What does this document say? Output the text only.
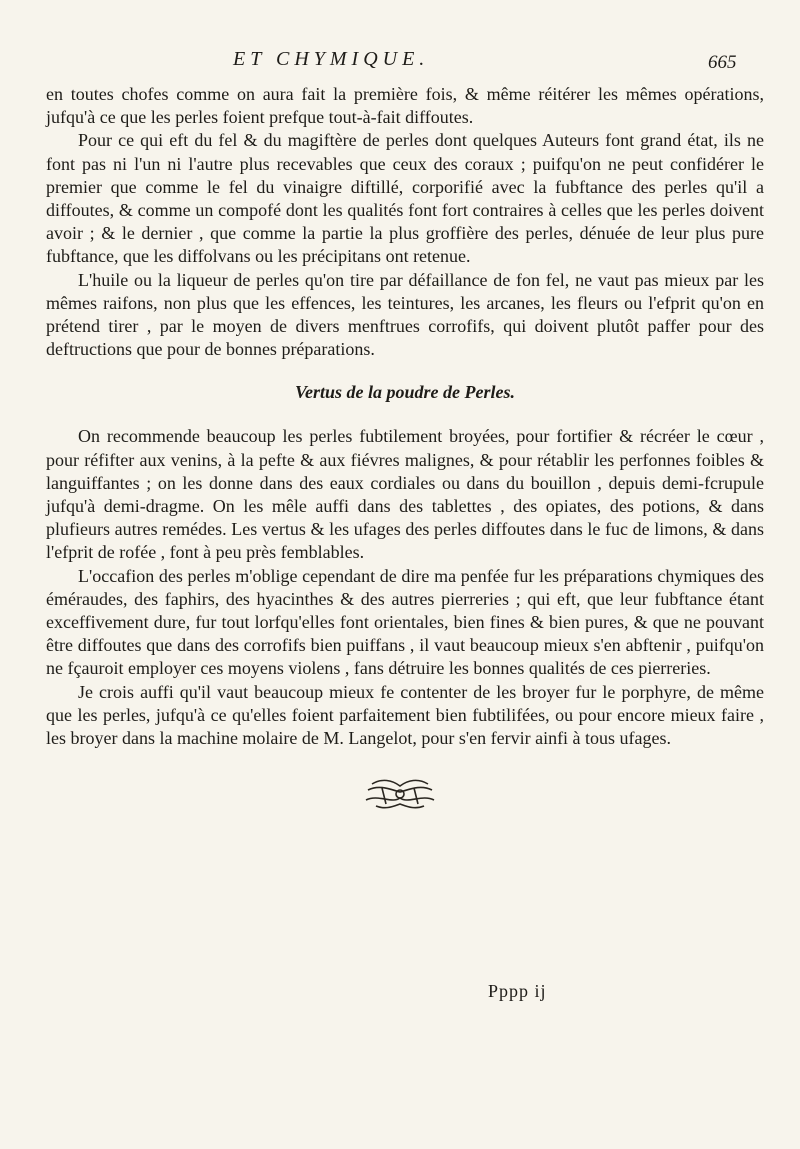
ET CHYMIQUE.	665

en toutes chofes comme on aura fait la première fois, & même réitérer les mêmes opérations, jufqu'à ce que les perles foient prefque tout-à-fait diffoutes.

Pour ce qui eft du fel & du magiftère de perles dont quelques Auteurs font grand état, ils ne font pas ni l'un ni l'autre plus recevables que ceux des coraux ; puifqu'on ne peut confidérer le premier que comme le fel du vinaigre diftillé, corporifié avec la fubftance des perles qu'il a diffoutes, & comme un compofé dont les qualités font fort contraires à celles que les perles doivent avoir ; & le dernier , que comme la partie la plus groffière des perles, dénuée de leur plus pure fubftance, que les diffolvans ou les précipitans ont retenue.

L'huile ou la liqueur de perles qu'on tire par défaillance de fon fel, ne vaut pas mieux par les mêmes raifons, non plus que les effences, les teintures, les arcanes, les fleurs ou l'efprit qu'on en prétend tirer , par le moyen de divers menftrues corrofifs, qui doivent plutôt paffer pour des deftructions que pour de bonnes préparations.

Vertus de la poudre de Perles.

On recommende beaucoup les perles fubtilement broyées, pour fortifier & récréer le cœur , pour réfifter aux venins, à la pefte & aux fiévres malignes, & pour rétablir les perfonnes foibles & languiffantes ; on les donne dans des eaux cordiales ou dans du bouillon , depuis demi-fcrupule jufqu'à demi-dragme. On les mêle auffi dans des tablettes , des opiates, des potions, & dans plufieurs autres remédes. Les vertus & les ufages des perles diffoutes dans le fuc de limons, & dans l'efprit de rofée , font à peu près femblables.

L'occafion des perles m'oblige cependant de dire ma penfée fur les préparations chymiques des éméraudes, des faphirs, des hyacinthes & des autres pierreries ; qui eft, que leur fubftance étant exceffivement dure, fur tout lorfqu'elles font orientales, bien fines & bien pures, & que ne pouvant être diffoutes que dans des corrofifs bien puiffans , il vaut beaucoup mieux s'en abftenir , puifqu'on ne fçauroit employer ces moyens violens , fans détruire les bonnes qualités de ces pierreries.

Je crois auffi qu'il vaut beaucoup mieux fe contenter de les broyer fur le porphyre, de même que les perles, jufqu'à ce qu'elles foient parfaitement bien fubtilifées, ou pour encore mieux faire , les broyer dans la machine molaire de M. Langelot, pour s'en fervir ainfi à tous ufages.

Pppp ij
